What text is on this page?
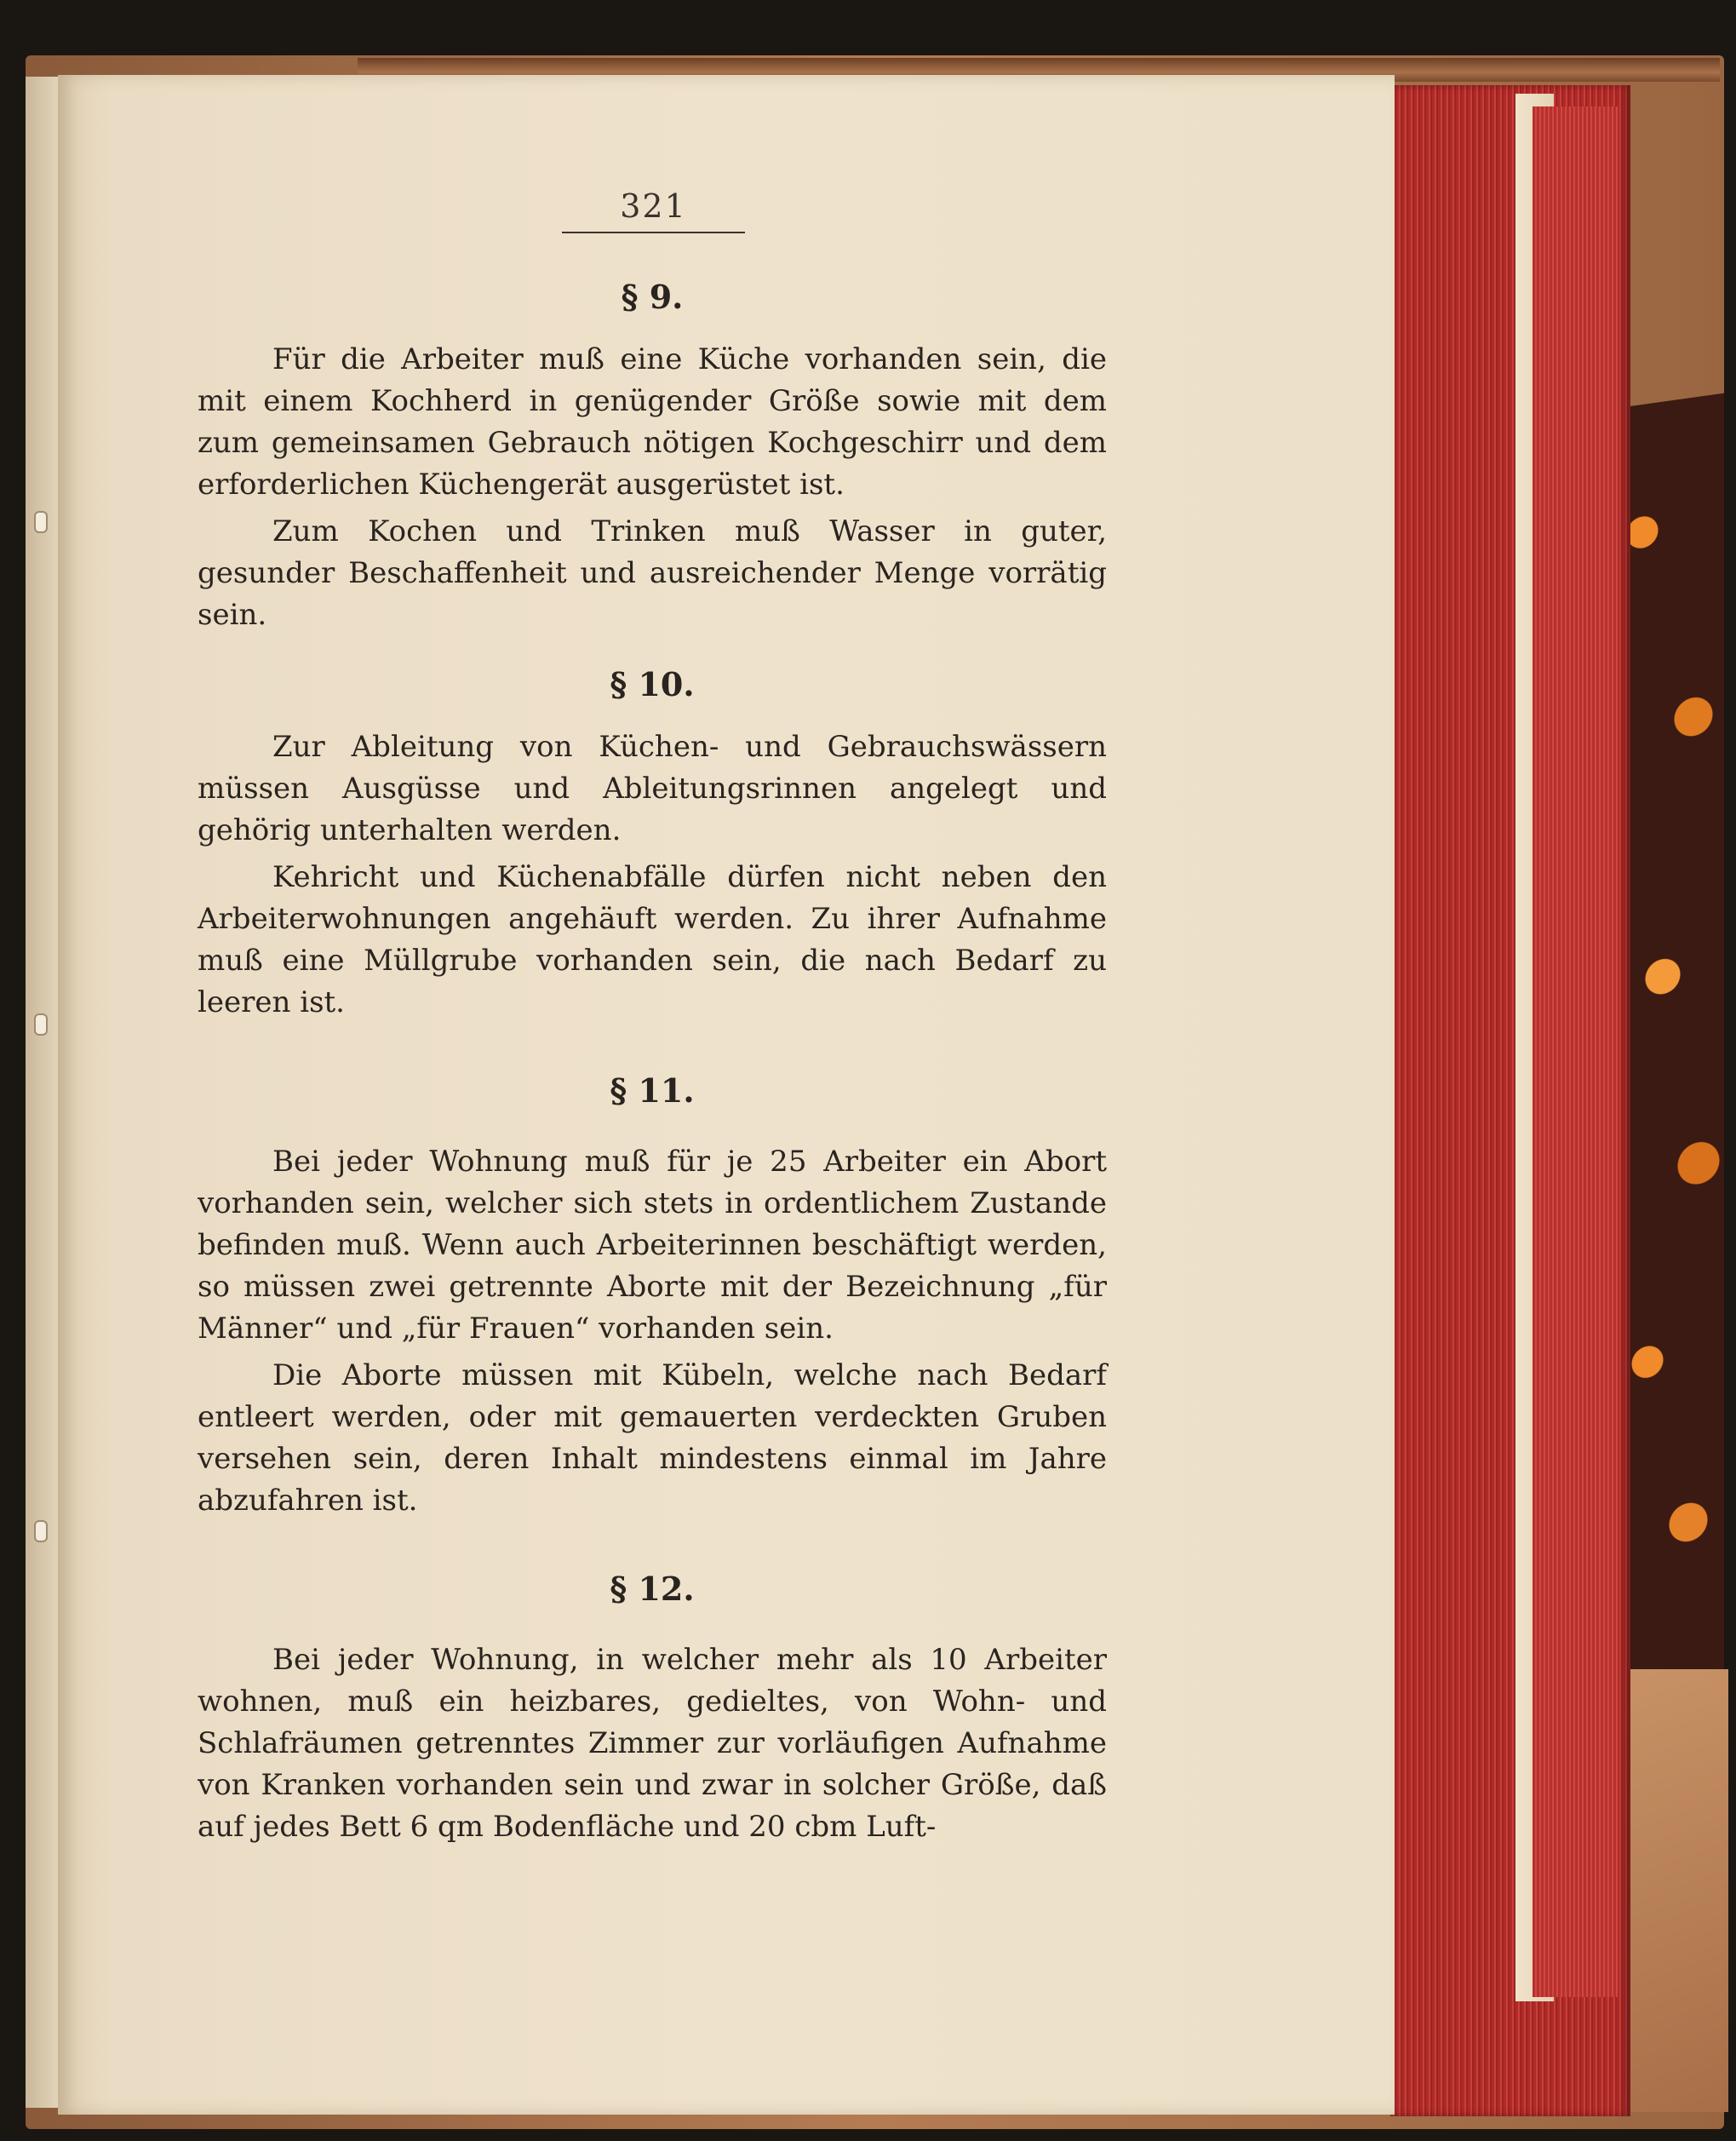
321
§ 9.

Für die Arbeiter muß eine Küche vorhanden sein, die mit einem Kochherd in genügender Größe sowie mit dem zum gemeinsamen Gebrauch nötigen Kochgeschirr und dem erforderlichen Küchengerät ausgerüstet ist.

Zum Kochen und Trinken muß Wasser in guter, gesunder Beschaffenheit und ausreichender Menge vorrätig sein.

§ 10.

Zur Ableitung von Küchen- und Gebrauchswässern müssen Ausgüsse und Ableitungsrinnen angelegt und gehörig unterhalten werden.

Kehricht und Küchenabfälle dürfen nicht neben den Arbeiterwohnungen angehäuft werden. Zu ihrer Aufnahme muß eine Müllgrube vorhanden sein, die nach Bedarf zu leeren ist.

§ 11.

Bei jeder Wohnung muß für je 25 Arbeiter ein Abort vorhanden sein, welcher sich stets in ordentlichem Zustande befinden muß. Wenn auch Arbeiterinnen beschäftigt werden, so müssen zwei getrennte Aborte mit der Bezeichnung „für Männer“ und „für Frauen“ vorhanden sein.

Die Aborte müssen mit Kübeln, welche nach Bedarf entleert werden, oder mit gemauerten verdeckten Gruben versehen sein, deren Inhalt mindestens einmal im Jahre abzufahren ist.

§ 12.

Bei jeder Wohnung, in welcher mehr als 10 Arbeiter wohnen, muß ein heizbares, gedieltes, von Wohn- und Schlafräumen getrenntes Zimmer zur vorläufigen Aufnahme von Kranken vorhanden sein und zwar in solcher Größe, daß auf jedes Bett 6 qm Bodenfläche und 20 cbm Luft-
